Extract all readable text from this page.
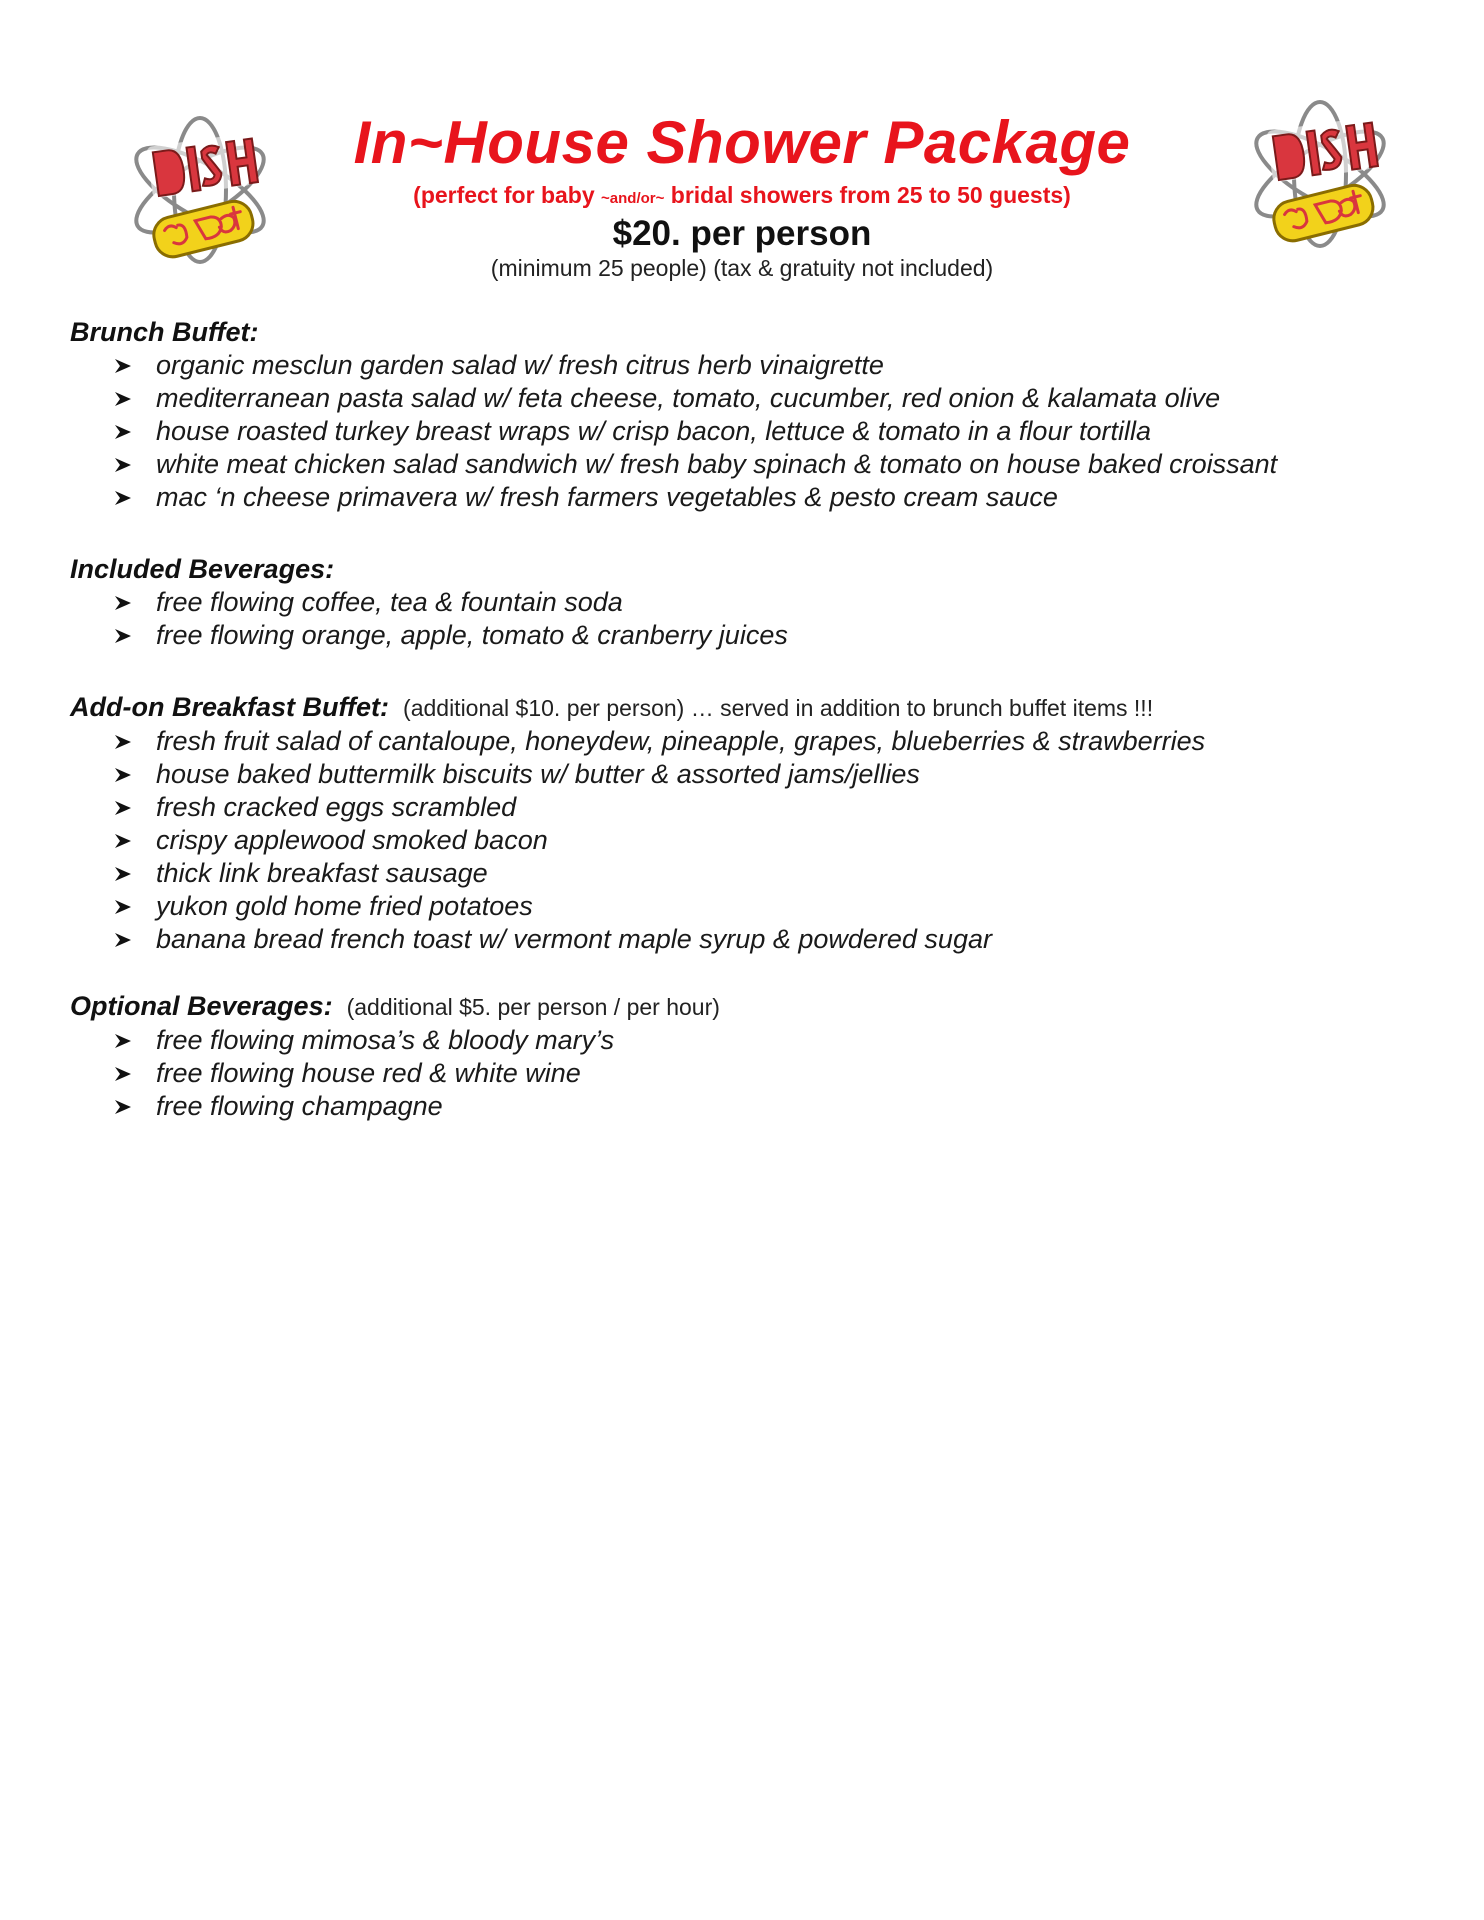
In~House Shower Package
(perfect for baby ~and/or~ bridal showers from 25 to 50 guests)
$20. per person
(minimum 25 people) (tax & gratuity not included)
Brunch Buffet:
organic mesclun garden salad w/ fresh citrus herb vinaigrette
mediterranean pasta salad w/ feta cheese, tomato, cucumber, red onion & kalamata olive
house roasted turkey breast wraps w/ crisp bacon, lettuce & tomato in a flour tortilla
white meat chicken salad sandwich w/ fresh baby spinach & tomato on house baked croissant
mac ‘n cheese primavera w/ fresh farmers vegetables & pesto cream sauce
Included Beverages:
free flowing coffee, tea & fountain soda
free flowing orange, apple, tomato & cranberry juices
Add-on Breakfast Buffet: (additional $10. per person) … served in addition to brunch buffet items !!!
fresh fruit salad of cantaloupe, honeydew, pineapple, grapes, blueberries & strawberries
house baked buttermilk biscuits w/ butter & assorted jams/jellies
fresh cracked eggs scrambled
crispy applewood smoked bacon
thick link breakfast sausage
yukon gold home fried potatoes
banana bread french toast w/ vermont maple syrup & powdered sugar
Optional Beverages: (additional $5. per person / per hour)
free flowing mimosa’s & bloody mary’s
free flowing house red & white wine
free flowing champagne
